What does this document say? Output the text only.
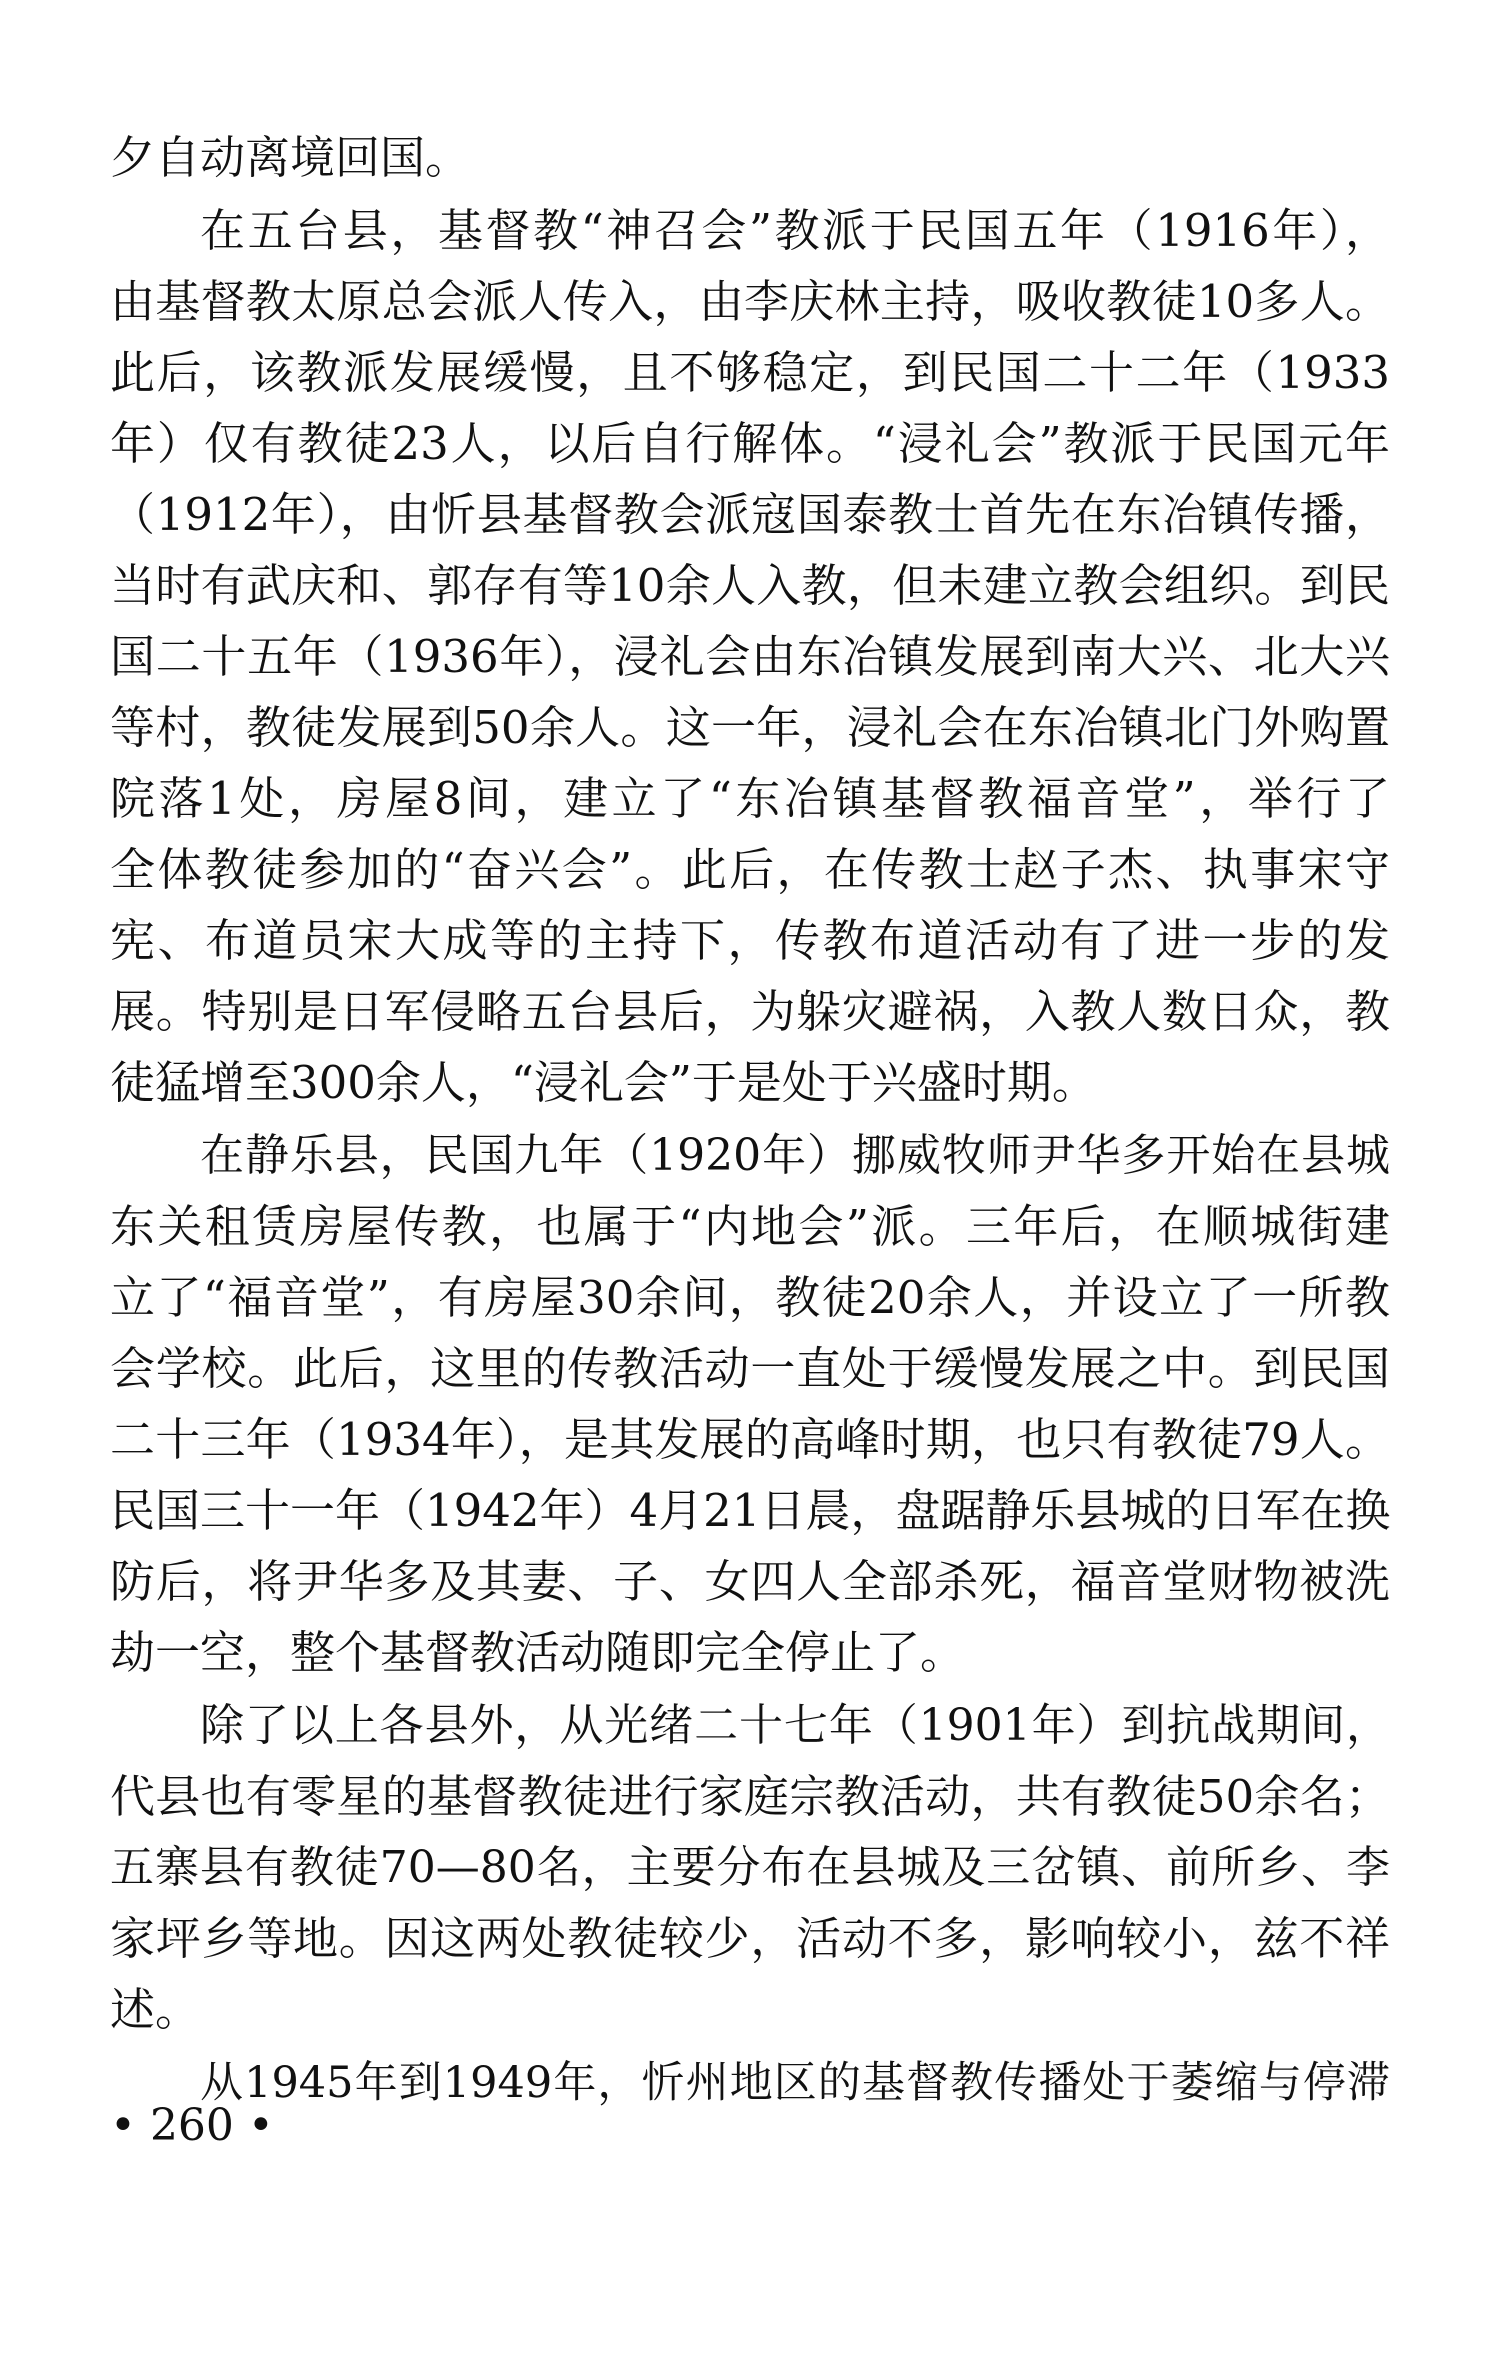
夕自动离境回国。
在五台县，基督教“神召会”教派于民国五年（1916年），
由基督教太原总会派人传入，由李庆林主持，吸收教徒10多人。
此后，该教派发展缓慢，且不够稳定，到民国二十二年（1933
年）仅有教徒23人，以后自行解体。“浸礼会”教派于民国元年
（1912年），由忻县基督教会派寇国泰教士首先在东冶镇传播，
当时有武庆和、郭存有等10余人入教，但未建立教会组织。到民
国二十五年（1936年），浸礼会由东冶镇发展到南大兴、北大兴
等村，教徒发展到50余人。这一年，浸礼会在东冶镇北门外购置
院落1处，房屋8间，建立了“东冶镇基督教福音堂”，举行了
全体教徒参加的“奋兴会”。此后，在传教士赵子杰、执事宋守
宪、布道员宋大成等的主持下，传教布道活动有了进一步的发
展。特别是日军侵略五台县后，为躲灾避祸，入教人数日众，教
徒猛增至300余人，“浸礼会”于是处于兴盛时期。
在静乐县，民国九年（1920年）挪威牧师尹华多开始在县城
东关租赁房屋传教，也属于“内地会”派。三年后，在顺城街建
立了“福音堂”，有房屋30余间，教徒20余人，并设立了一所教
会学校。此后，这里的传教活动一直处于缓慢发展之中。到民国
二十三年（1934年），是其发展的高峰时期，也只有教徒79人。
民国三十一年（1942年）4月21日晨，盘踞静乐县城的日军在换
防后，将尹华多及其妻、子、女四人全部杀死，福音堂财物被洗
劫一空，整个基督教活动随即完全停止了。
除了以上各县外，从光绪二十七年（1901年）到抗战期间，
代县也有零星的基督教徒进行家庭宗教活动，共有教徒50余名；
五寨县有教徒70—80名，主要分布在县城及三岔镇、前所乡、李
家坪乡等地。因这两处教徒较少，活动不多，影响较小，兹不祥
述。
从1945年到1949年，忻州地区的基督教传播处于萎缩与停滞
• 260 •
